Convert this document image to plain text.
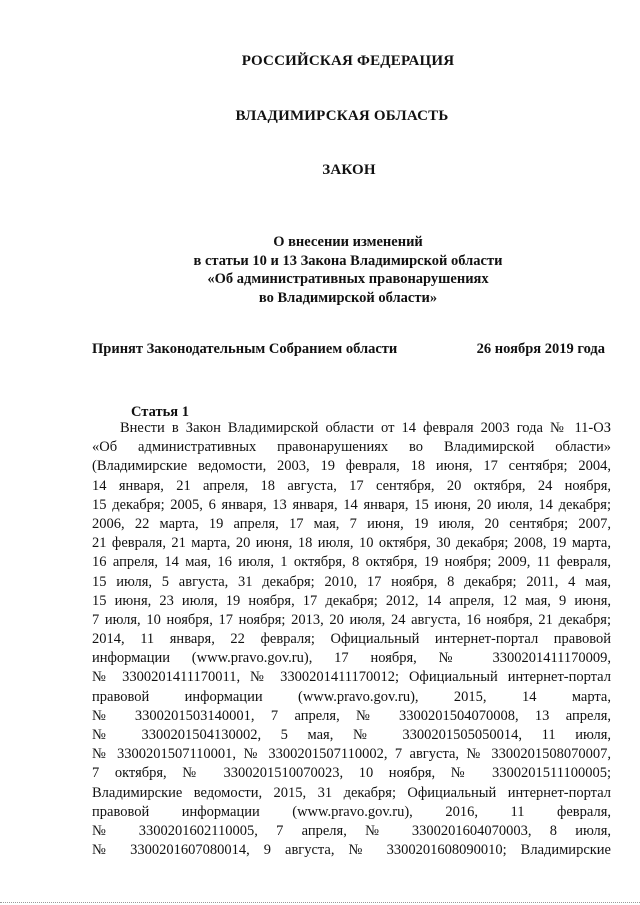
РОССИЙСКАЯ ФЕДЕРАЦИЯ
ВЛАДИМИРСКАЯ ОБЛАСТЬ
ЗАКОН
О внесении изменений
в статьи 10 и 13 Закона Владимирской области
«Об административных правонарушениях
во Владимирской области»
Принят Законодательным Собранием области	26 ноября 2019 года
Статья 1
Внести в Закон Владимирской области от 14 февраля 2003 года № 11-ОЗ
«Об административных правонарушениях во Владимирской области»
(Владимирские ведомости, 2003, 19 февраля, 18 июня, 17 сентября; 2004,
14 января, 21 апреля, 18 августа, 17 сентября, 20 октября, 24 ноября,
15 декабря; 2005, 6 января, 13 января, 14 января, 15 июня, 20 июля, 14 декабря;
2006, 22 марта, 19 апреля, 17 мая, 7 июня, 19 июля, 20 сентября; 2007,
21 февраля, 21 марта, 20 июня, 18 июля, 10 октября, 30 декабря; 2008, 19 марта,
16 апреля, 14 мая, 16 июля, 1 октября, 8 октября, 19 ноября; 2009, 11 февраля,
15 июля, 5 августа, 31 декабря; 2010, 17 ноября, 8 декабря; 2011, 4 мая,
15 июня, 23 июля, 19 ноября, 17 декабря; 2012, 14 апреля, 12 мая, 9 июня,
7 июля, 10 ноября, 17 ноября; 2013, 20 июля, 24 августа, 16 ноября, 21 декабря;
2014, 11 января, 22 февраля; Официальный интернет-портал правовой
информации (www.pravo.gov.ru), 17 ноября, № 3300201411170009,
№ 3300201411170011, № 3300201411170012; Официальный интернет-портал
правовой информации (www.pravo.gov.ru), 2015, 14 марта,
№ 3300201503140001, 7 апреля, № 3300201504070008, 13 апреля,
№ 3300201504130002, 5 мая, № 3300201505050014, 11 июля,
№ 3300201507110001, № 3300201507110002, 7 августа, № 3300201508070007,
7 октября, № 3300201510070023, 10 ноября, № 3300201511100005;
Владимирские ведомости, 2015, 31 декабря; Официальный интернет-портал
правовой информации (www.pravo.gov.ru), 2016, 11 февраля,
№ 3300201602110005, 7 апреля, № 3300201604070003, 8 июля,
№ 3300201607080014, 9 августа, № 3300201608090010; Владимирские
